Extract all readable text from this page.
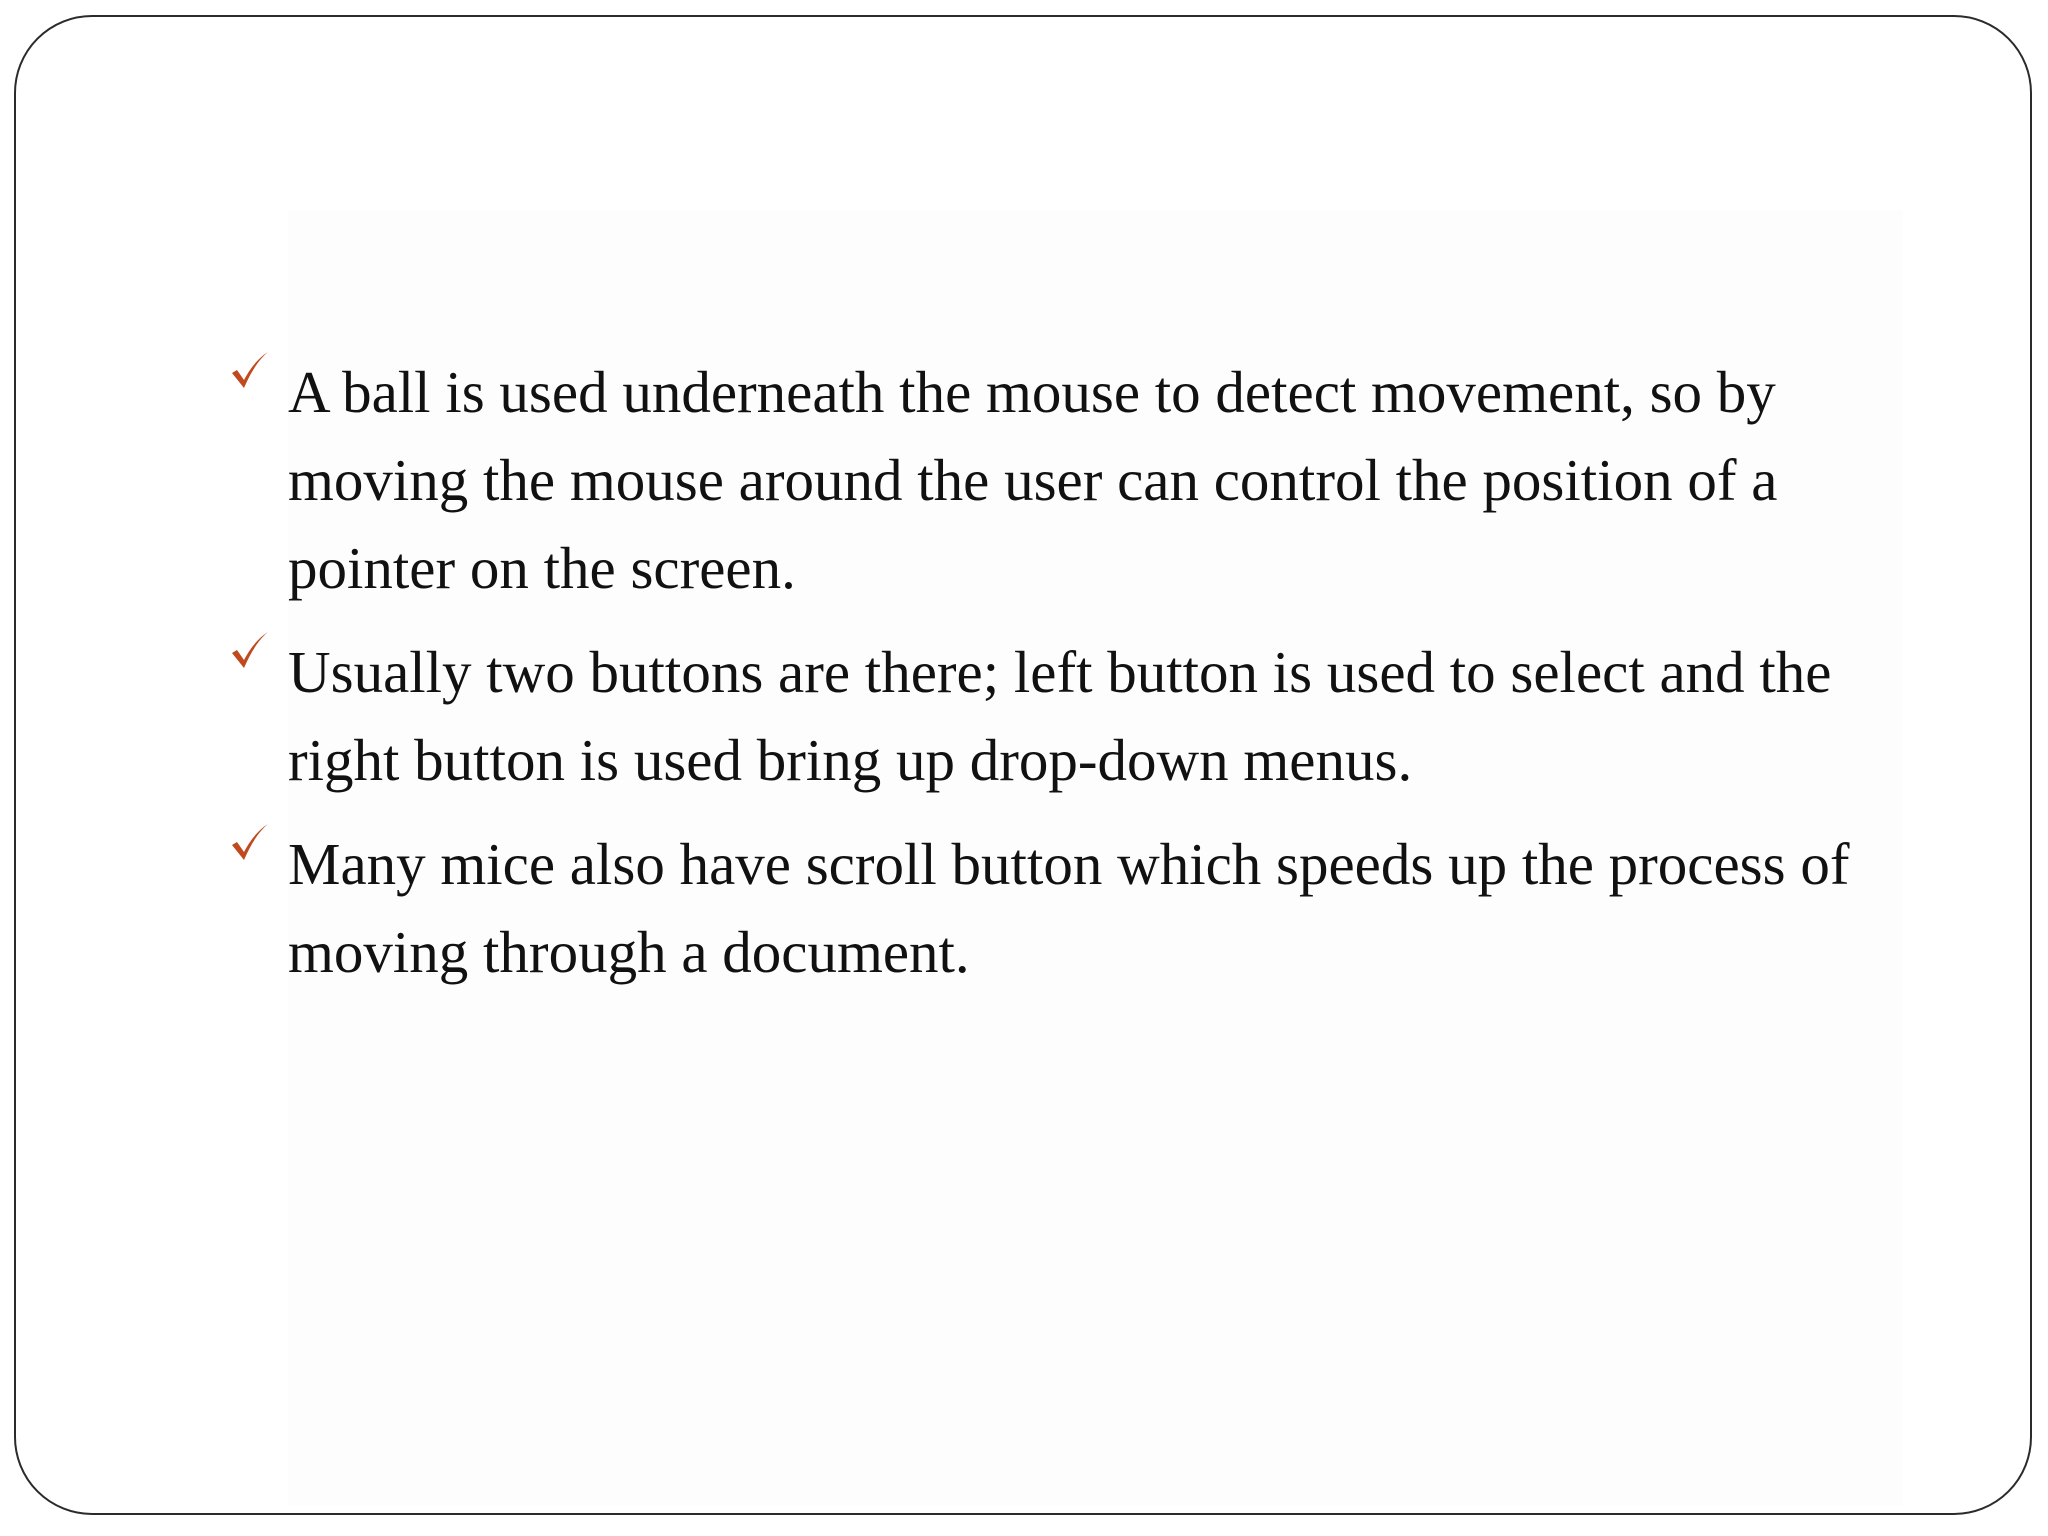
A ball is used underneath the mouse to detect movement, so by moving the mouse around the user can control the position of a pointer on the screen.
Usually two buttons are there; left button is used to select and the right button is used bring up drop-down menus.
Many mice also have scroll button which speeds up the process of moving through a document.
